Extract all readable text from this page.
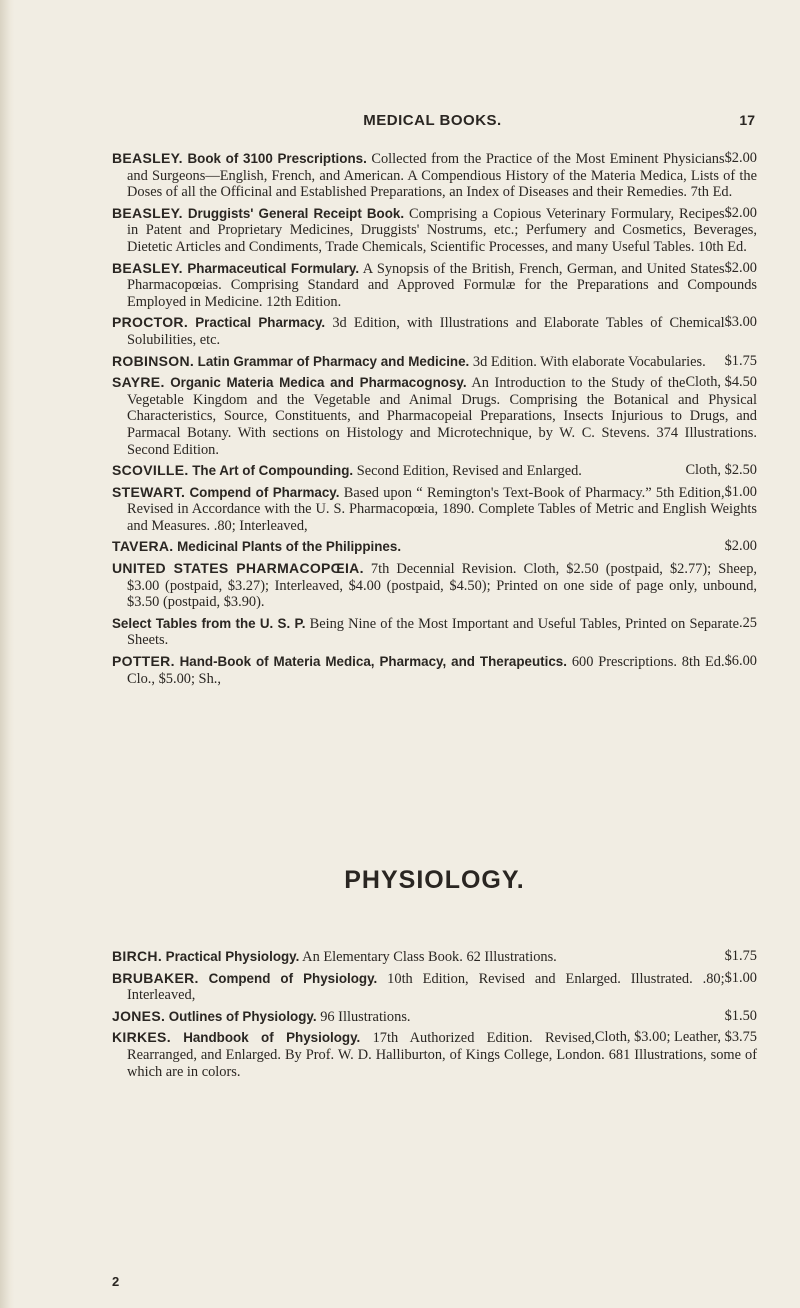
MEDICAL BOOKS.	17

$2.00
BEASLEY. Book of 3100 Prescriptions. Collected from the Practice of the Most Eminent Physicians and Surgeons—English, French, and American. A Compendious History of the Materia Medica, Lists of the Doses of all the Officinal and Established Preparations, an Index of Diseases and their Remedies. 7th Ed.

$2.00
BEASLEY. Druggists' General Receipt Book. Comprising a Copious Veterinary Formulary, Recipes in Patent and Proprietary Medicines, Druggists' Nostrums, etc.; Perfumery and Cosmetics, Beverages, Dietetic Articles and Condiments, Trade Chemicals, Scientific Processes, and many Useful Tables. 10th Ed.

$2.00
BEASLEY. Pharmaceutical Formulary. A Synopsis of the British, French, German, and United States Pharmacopœias. Comprising Standard and Approved Formulæ for the Preparations and Compounds Employed in Medicine. 12th Edition.

$3.00
PROCTOR. Practical Pharmacy. 3d Edition, with Illustrations and Elaborate Tables of Chemical Solubilities, etc.

$1.75
ROBINSON. Latin Grammar of Pharmacy and Medicine. 3d Edition. With elaborate Vocabularies.

Cloth, $4.50
SAYRE. Organic Materia Medica and Pharmacognosy. An Introduction to the Study of the Vegetable Kingdom and the Vegetable and Animal Drugs. Comprising the Botanical and Physical Characteristics, Source, Constituents, and Pharmacopeial Preparations, Insects Injurious to Drugs, and Parmacal Botany. With sections on Histology and Microtechnique, by W. C. Stevens. 374 Illustrations. Second Edition.

Cloth, $2.50
SCOVILLE. The Art of Compounding. Second Edition, Revised and Enlarged.

$1.00
STEWART. Compend of Pharmacy. Based upon “ Remington's Text-Book of Pharmacy.” 5th Edition, Revised in Accordance with the U. S. Pharmacopœia, 1890. Complete Tables of Metric and English Weights and Measures. .80; Interleaved,

$2.00
TAVERA. Medicinal Plants of the Philippines.

UNITED STATES PHARMACOPŒIA. 7th Decennial Revision. Cloth, $2.50 (postpaid, $2.77); Sheep, $3.00 (postpaid, $3.27); Interleaved, $4.00 (postpaid, $4.50); Printed on one side of page only, unbound, $3.50 (postpaid, $3.90).

.25
Select Tables from the U. S. P. Being Nine of the Most Important and Useful Tables, Printed on Separate Sheets.

$6.00
POTTER. Hand-Book of Materia Medica, Pharmacy, and Therapeutics. 600 Prescriptions. 8th Ed. Clo., $5.00; Sh.,

PHYSIOLOGY.

$1.75
BIRCH. Practical Physiology. An Elementary Class Book. 62 Illustrations.

$1.00
BRUBAKER. Compend of Physiology. 10th Edition, Revised and Enlarged. Illustrated. .80; Interleaved,

$1.50
JONES. Outlines of Physiology. 96 Illustrations.

Cloth, $3.00; Leather, $3.75
KIRKES. Handbook of Physiology. 17th Authorized Edition. Revised, Rearranged, and Enlarged. By Prof. W. D. Halliburton, of Kings College, London. 681 Illustrations, some of which are in colors.

2
